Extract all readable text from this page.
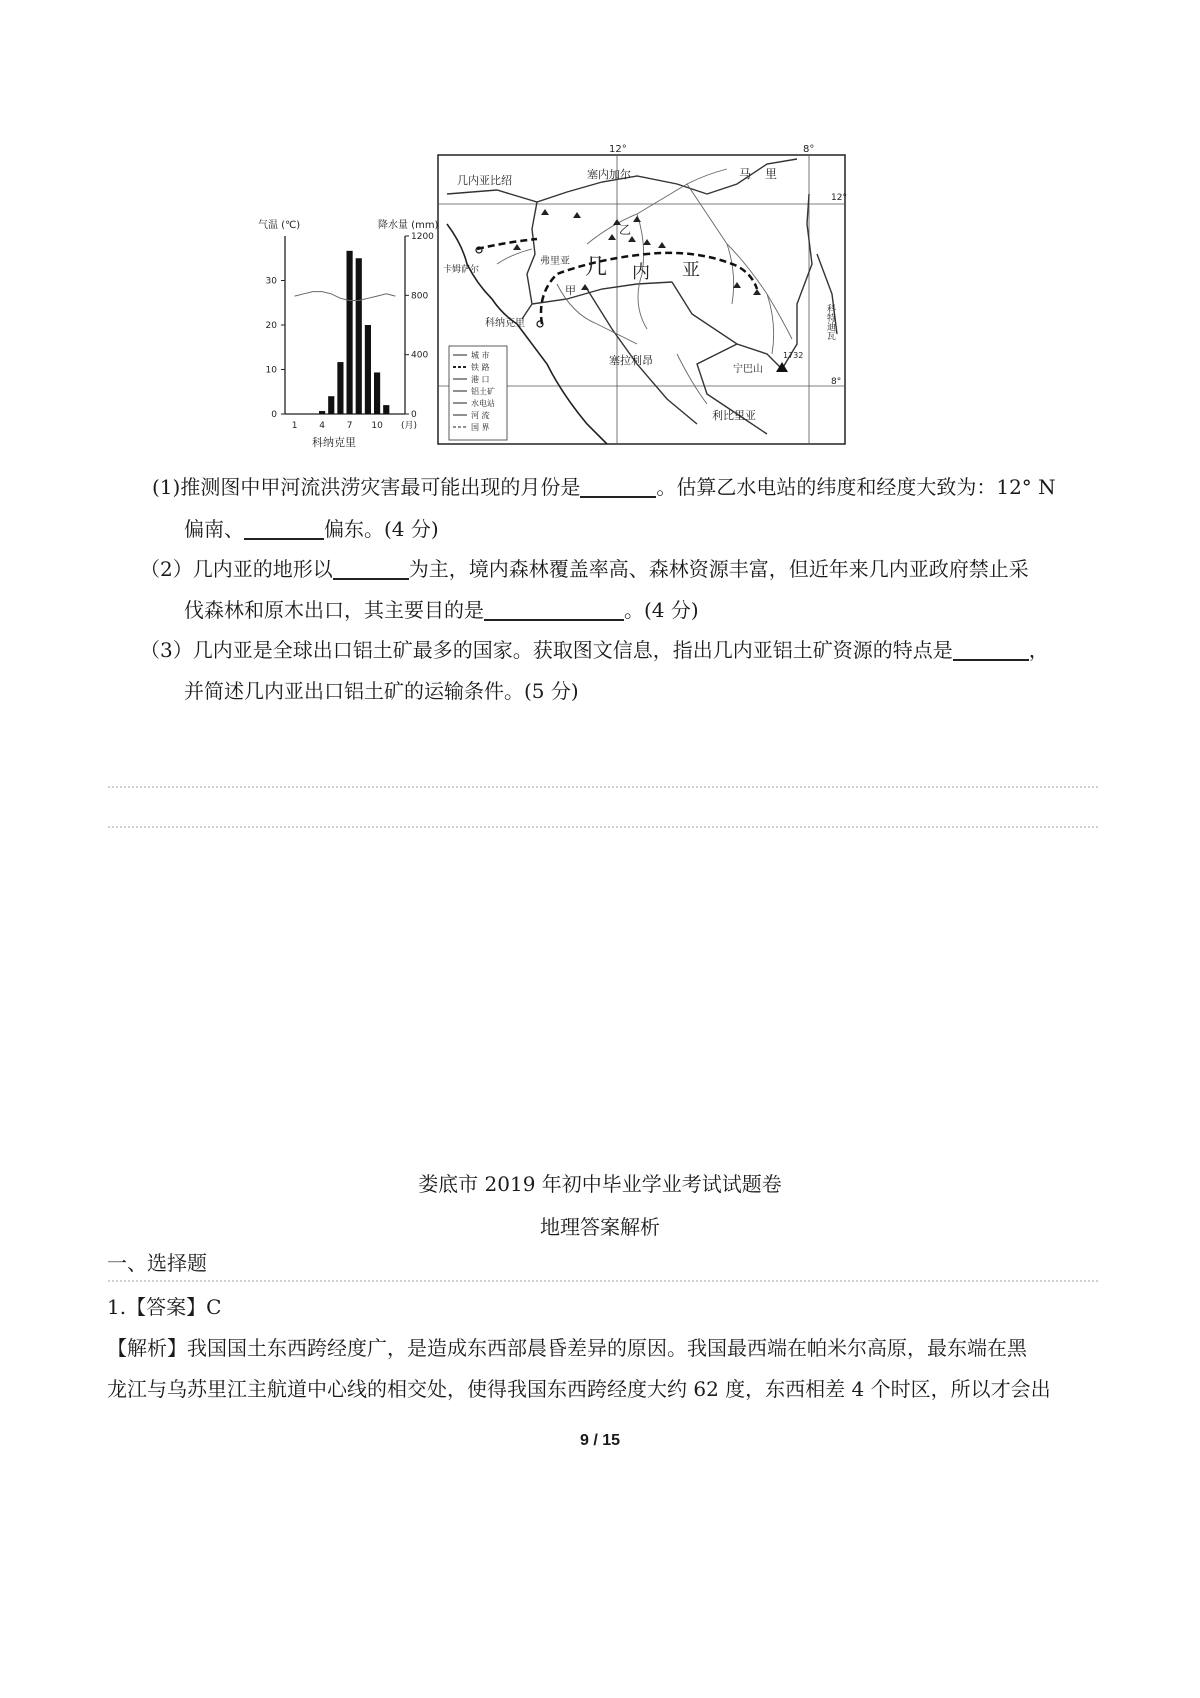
气温 (℃)	降水量 (mm)
0
10
20
30
0
400
800
1200
1 4 7 10 (月)
科纳克里
城 市
铁 路
港 口
铝土矿
水电站
河 流
国 界
12°	8°
12°
8°
几内亚比绍	塞内加尔	马里
几 内 亚
科特迪瓦
塞拉利昂
利比里亚
卡姆萨尔
科纳克里
弗里亚
甲
乙
宁巴山
1732
(1)推测图中甲河流洪涝灾害最可能出现的月份是	。估算乙水电站的纬度和经度大致为：12° N
偏南、	偏东。(4 分)
（2）几内亚的地形以	为主，境内森林覆盖率高、森林资源丰富，但近年来几内亚政府禁止采
伐森林和原木出口，其主要目的是	。(4 分)
（3）几内亚是全球出口铝土矿最多的国家。获取图文信息，指出几内亚铝土矿资源的特点是	，
并简述几内亚出口铝土矿的运输条件。(5 分)
娄底市 2019 年初中毕业学业考试试题卷
地理答案解析
一、选择题
1.【答案】C
【解析】我国国土东西跨经度广，是造成东西部晨昏差异的原因。我国最西端在帕米尔高原，最东端在黑
龙江与乌苏里江主航道中心线的相交处，使得我国东西跨经度大约 62 度，东西相差 4 个时区，所以才会出
9 / 15
